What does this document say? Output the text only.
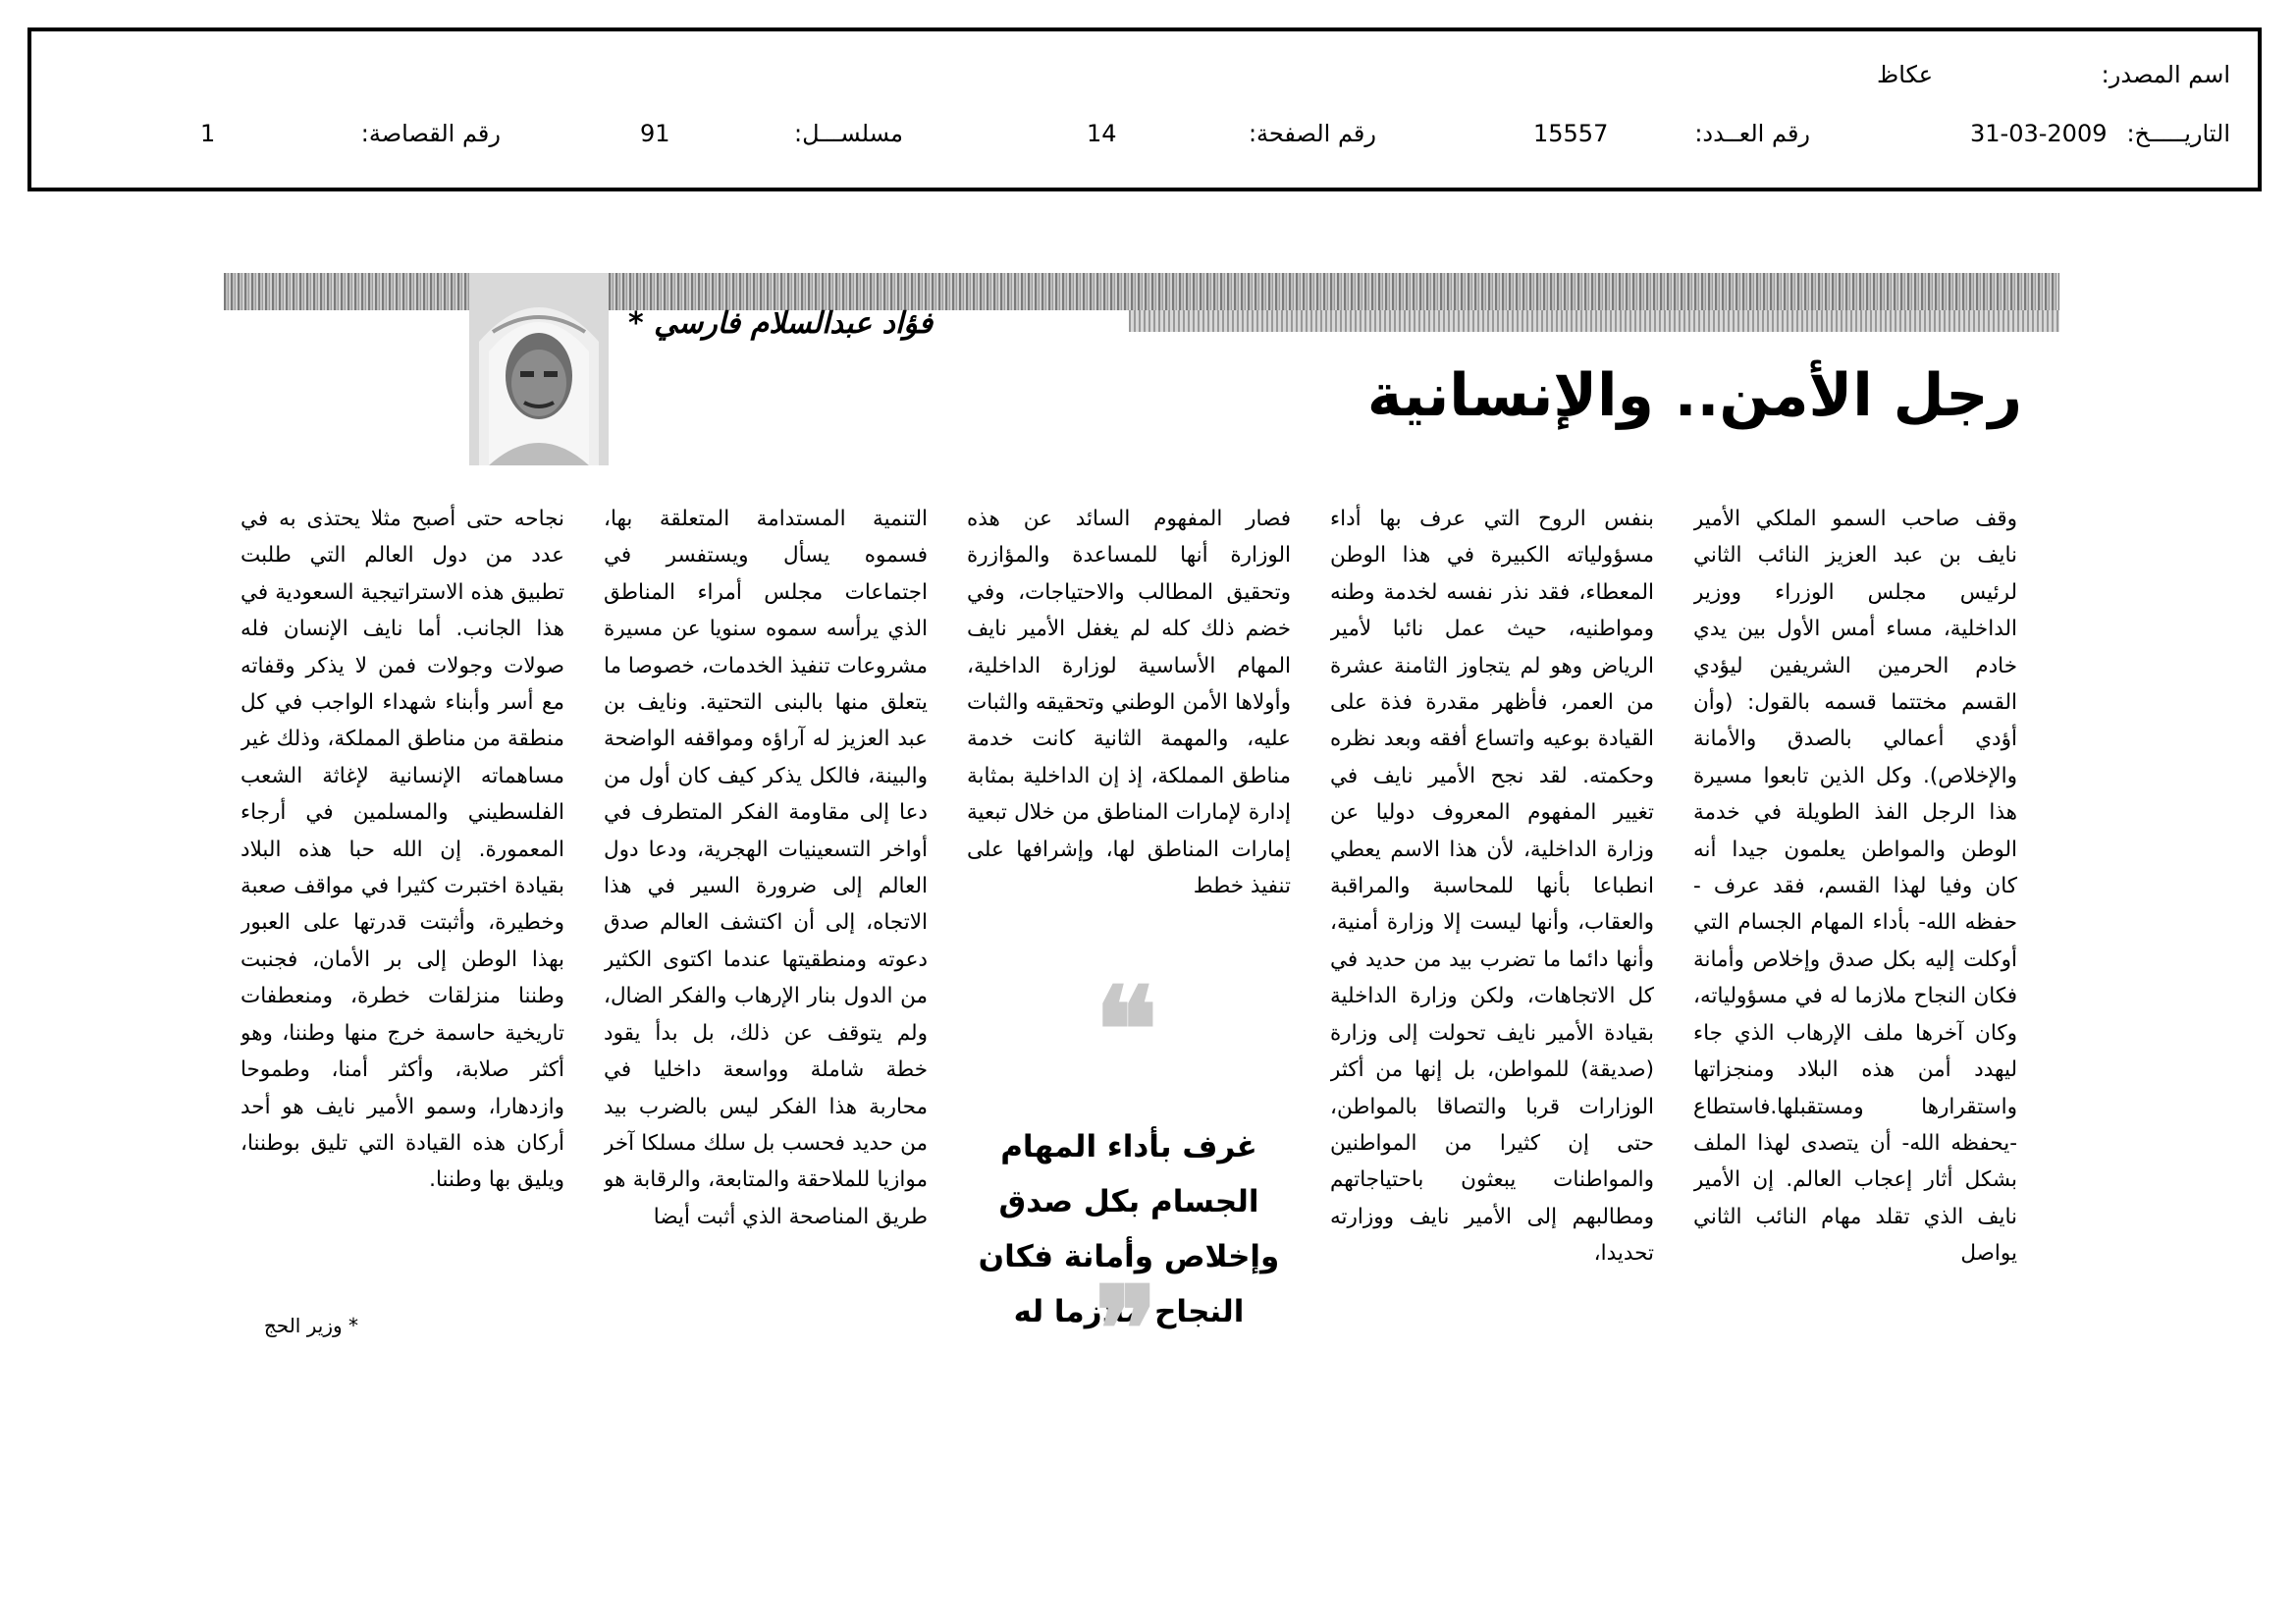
اسم المصدر:
عكاظ
التاريـــــخ:
31-03-2009
رقم العــدد:
15557
رقم الصفحة:
14
مسلســـل:
91
رقم القصاصة:
1
فؤاد عبدالسلام فارسي *
رجل الأمن.. والإنسانية

وقف صاحب السمو الملكي الأمير نايف بن عبد العزيز النائب الثاني لرئيس مجلس الوزراء ووزير الداخلية، مساء أمس الأول بين يدي خادم الحرمين الشريفين ليؤدي القسم مختتما قسمه بالقول: (وأن أؤدي أعمالي بالصدق والأمانة والإخلاص). وكل الذين تابعوا مسيرة هذا الرجل الفذ الطويلة في خدمة الوطن والمواطن يعلمون جيدا أنه كان وفيا لهذا القسم، فقد عرف - حفظه الله- بأداء المهام الجسام التي أوكلت إليه بكل صدق وإخلاص وأمانة فكان النجاح ملازما له في مسؤولياته، وكان آخرها ملف الإرهاب الذي جاء ليهدد أمن هذه البلاد ومنجزاتها واستقرارها ومستقبلها.فاستطاع -يحفظه الله- أن يتصدى لهذا الملف بشكل أثار إعجاب العالم. إن الأمير نايف الذي تقلد مهام النائب الثاني يواصل

بنفس الروح التي عرف بها أداء مسؤولياته الكبيرة في هذا الوطن المعطاء، فقد نذر نفسه لخدمة وطنه ومواطنيه، حيث عمل نائبا لأمير الرياض وهو لم يتجاوز الثامنة عشرة من العمر، فأظهر مقدرة فذة على القيادة بوعيه واتساع أفقه وبعد نظره وحكمته. لقد نجح الأمير نايف في تغيير المفهوم المعروف دوليا عن وزارة الداخلية، لأن هذا الاسم يعطي انطباعا بأنها للمحاسبة والمراقبة والعقاب، وأنها ليست إلا وزارة أمنية، وأنها دائما ما تضرب بيد من حديد في كل الاتجاهات، ولكن وزارة الداخلية بقيادة الأمير نايف تحولت إلى وزارة (صديقة) للمواطن، بل إنها من أكثر الوزارات قربا والتصاقا بالمواطن، حتى إن كثيرا من المواطنين والمواطنات يبعثون باحتياجاتهم ومطالبهم إلى الأمير نايف ووزارته تحديدا،

فصار المفهوم السائد عن هذه الوزارة أنها للمساعدة والمؤازرة وتحقيق المطالب والاحتياجات، وفي خضم ذلك كله لم يغفل الأمير نايف المهام الأساسية لوزارة الداخلية، وأولاها الأمن الوطني وتحقيقه والثبات عليه، والمهمة الثانية كانت خدمة مناطق المملكة، إذ إن الداخلية بمثابة إدارة لإمارات المناطق من خلال تبعية إمارات المناطق لها، وإشرافها على تنفيذ خطط

التنمية المستدامة المتعلقة بها، فسموه يسأل ويستفسر في اجتماعات مجلس أمراء المناطق الذي يرأسه سموه سنويا عن مسيرة مشروعات تنفيذ الخدمات، خصوصا ما يتعلق منها بالبنى التحتية. ونايف بن عبد العزيز له آراؤه ومواقفه الواضحة والبينة، فالكل يذكر كيف كان أول من دعا إلى مقاومة الفكر المتطرف في أواخر التسعينيات الهجرية، ودعا دول العالم إلى ضرورة السير في هذا الاتجاه، إلى أن اكتشف العالم صدق دعوته ومنطقيتها عندما اكتوى الكثير من الدول بنار الإرهاب والفكر الضال، ولم يتوقف عن ذلك، بل بدأ يقود خطة شاملة وواسعة داخليا في محاربة هذا الفكر ليس بالضرب بيد من حديد فحسب بل سلك مسلكا آخر موازيا للملاحقة والمتابعة، والرقابة هو طريق المناصحة الذي أثبت أيضا

نجاحه حتى أصبح مثلا يحتذى به في عدد من دول العالم التي طلبت تطبيق هذه الاستراتيجية السعودية في هذا الجانب. أما نايف الإنسان فله صولات وجولات فمن لا يذكر وقفاته مع أسر وأبناء شهداء الواجب في كل منطقة من مناطق المملكة، وذلك غير مساهماته الإنسانية لإغاثة الشعب الفلسطيني والمسلمين في أرجاء المعمورة. إن الله حبا هذه البلاد بقيادة اختبرت كثيرا في مواقف صعبة وخطيرة، وأثبتت قدرتها على العبور بهذا الوطن إلى بر الأمان، فجنبت وطننا منزلقات خطرة، ومنعطفات تاريخية حاسمة خرج منها وطننا، وهو أكثر صلابة، وأكثر أمنا، وطموحا وازدهارا، وسمو الأمير نايف هو أحد أركان هذه القيادة التي تليق بوطننا، ويليق بها وطننا.

❝
غرف بأداء المهام الجسام بكل صدق وإخلاص وأمانة فكان النجاح ملازما له
❞
* وزير الحج
